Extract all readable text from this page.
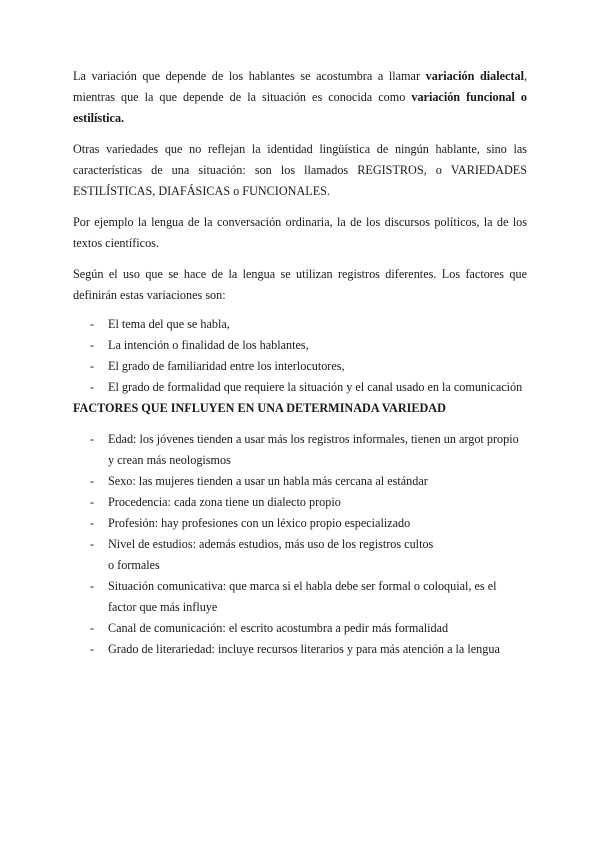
La variación que depende de los hablantes se acostumbra a llamar variación dialectal, mientras que la que depende de la situación es conocida como variación funcional o estilística.

Otras variedades que no reflejan la identidad lingüística de ningún hablante, sino las características de una situación: son los llamados REGISTROS, o VARIEDADES ESTILÍSTICAS, DIAFÁSICAS o FUNCIONALES.

Por ejemplo la lengua de la conversación ordinaria, la de los discursos políticos, la de los textos científicos.

Según el uso que se hace de la lengua se utilizan registros diferentes. Los factores que definirán estas variaciones son:

- El tema del que se habla,
- La intención o finalidad de los hablantes,
- El grado de familiaridad entre los interlocutores,
- El grado de formalidad que requiere la situación y el canal usado en la comunicación
FACTORES QUE INFLUYEN EN UNA DETERMINADA VARIEDAD
- Edad: los jóvenes tienden a usar más los registros informales, tienen un argot propio y crean más neologismos
- Sexo: las mujeres tienden a usar un habla más cercana al estándar
- Procedencia: cada zona tiene un dialecto propio
- Profesión: hay profesiones con un léxico propio especializado
- Nivel de estudios: además estudios, más uso de los registros cultos
o formales
- Situación comunicativa: que marca si el habla debe ser formal o coloquial, es el factor que más influye
- Canal de comunicación: el escrito acostumbra a pedir más formalidad
- Grado de literariedad: incluye recursos literarios y para más atención a la lengua
